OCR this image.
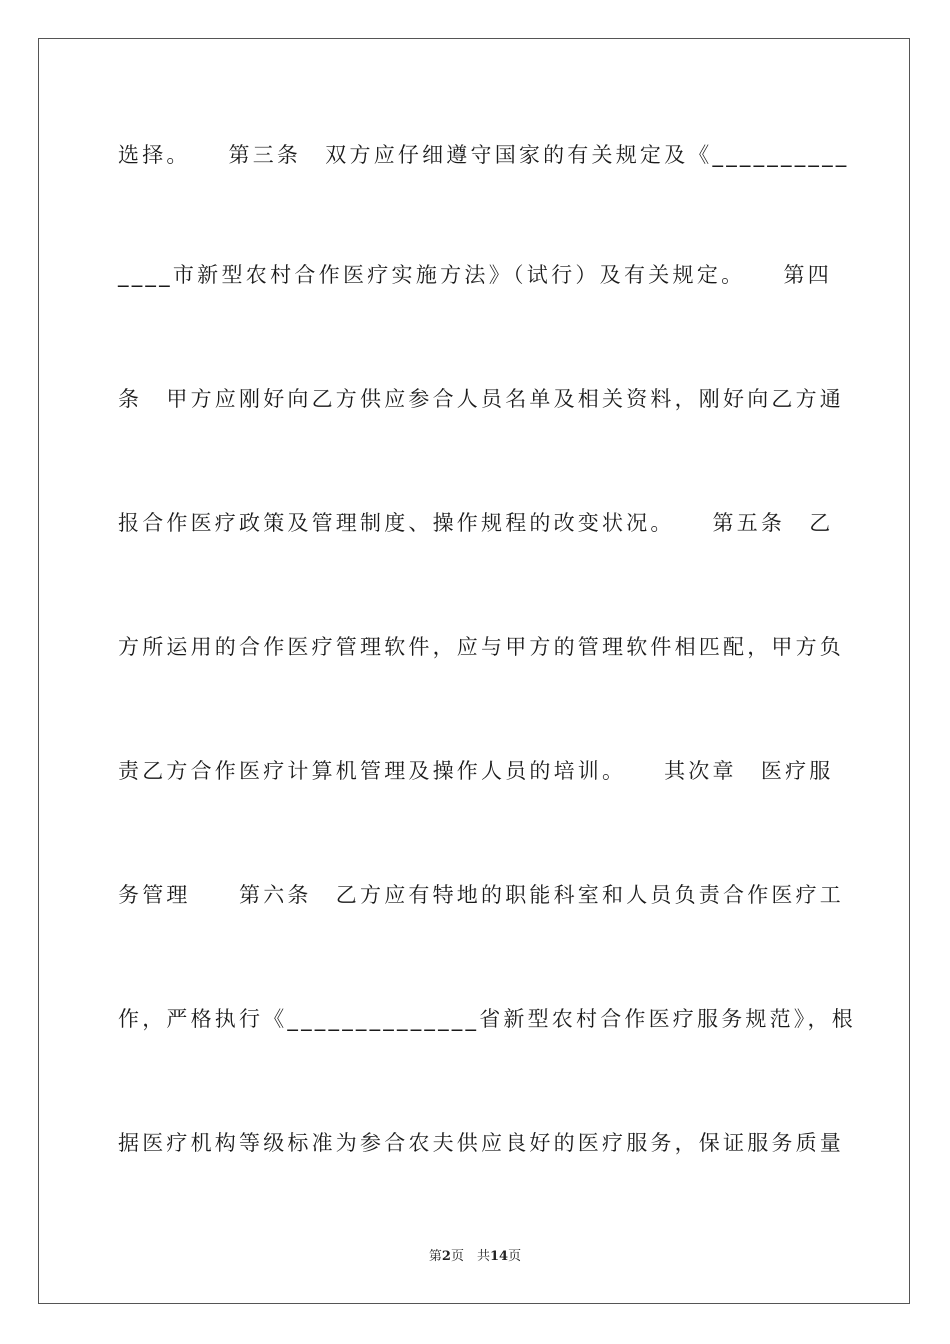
选择。　　第三条　双方应仔细遵守国家的有关规定及《__________
____市新型农村合作医疗实施方法》（试行）及有关规定。　　第四
条　甲方应刚好向乙方供应参合人员名单及相关资料，刚好向乙方通
报合作医疗政策及管理制度、操作规程的改变状况。　　第五条　乙
方所运用的合作医疗管理软件，应与甲方的管理软件相匹配，甲方负
责乙方合作医疗计算机管理及操作人员的培训。　　其次章　医疗服
务管理　　第六条　乙方应有特地的职能科室和人员负责合作医疗工
作，严格执行《______________省新型农村合作医疗服务规范》，根
据医疗机构等级标准为参合农夫供应良好的医疗服务，保证服务质量
第2页　 共14页
